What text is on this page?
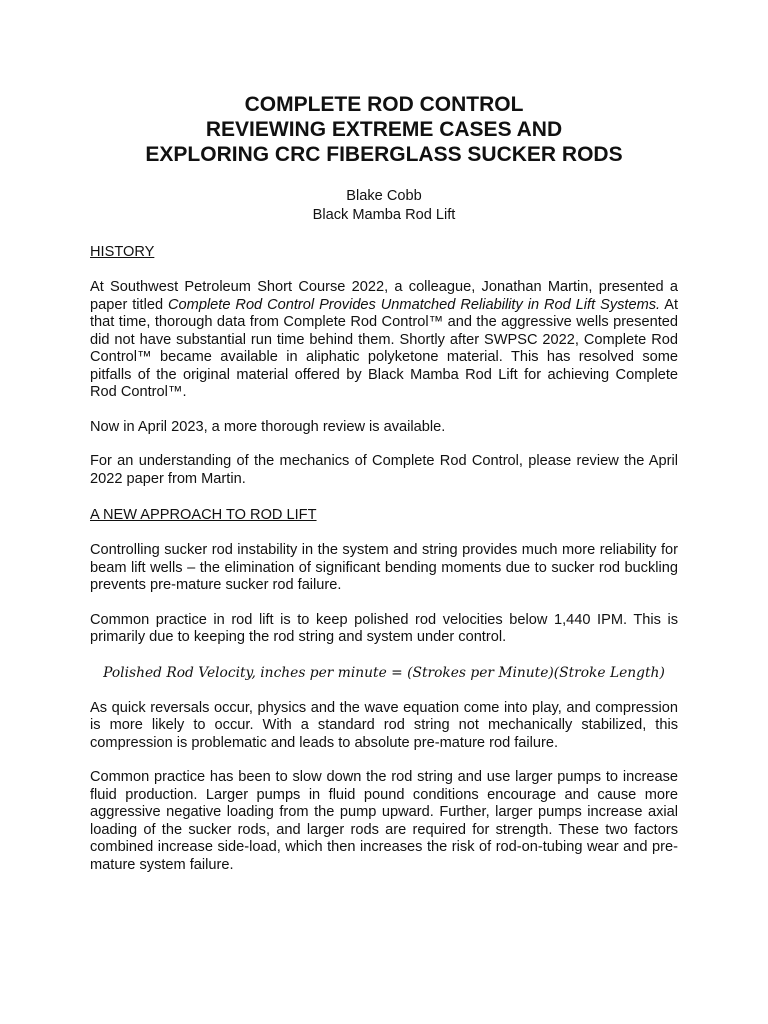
COMPLETE ROD CONTROL
REVIEWING EXTREME CASES AND
EXPLORING CRC FIBERGLASS SUCKER RODS
Blake Cobb
Black Mamba Rod Lift
HISTORY

At Southwest Petroleum Short Course 2022, a colleague, Jonathan Martin, presented a paper titled Complete Rod Control Provides Unmatched Reliability in Rod Lift Systems. At that time, thorough data from Complete Rod Control™ and the aggressive wells presented did not have substantial run time behind them. Shortly after SWPSC 2022, Complete Rod Control™ became available in aliphatic polyketone material. This has resolved some pitfalls of the original material offered by Black Mamba Rod Lift for achieving Complete Rod Control™.

Now in April 2023, a more thorough review is available.

For an understanding of the mechanics of Complete Rod Control, please review the April 2022 paper from Martin.

A NEW APPROACH TO ROD LIFT

Controlling sucker rod instability in the system and string provides much more reliability for beam lift wells – the elimination of significant bending moments due to sucker rod buckling prevents pre-mature sucker rod failure.

Common practice in rod lift is to keep polished rod velocities below 1,440 IPM. This is primarily due to keeping the rod string and system under control.

Polished Rod Velocity, inches per minute = (Strokes per Minute)(Stroke Length)

As quick reversals occur, physics and the wave equation come into play, and compression is more likely to occur. With a standard rod string not mechanically stabilized, this compression is problematic and leads to absolute pre-mature rod failure.

Common practice has been to slow down the rod string and use larger pumps to increase fluid production. Larger pumps in fluid pound conditions encourage and cause more aggressive negative loading from the pump upward. Further, larger pumps increase axial loading of the sucker rods, and larger rods are required for strength. These two factors combined increase side-load, which then increases the risk of rod-on-tubing wear and pre-mature system failure.
